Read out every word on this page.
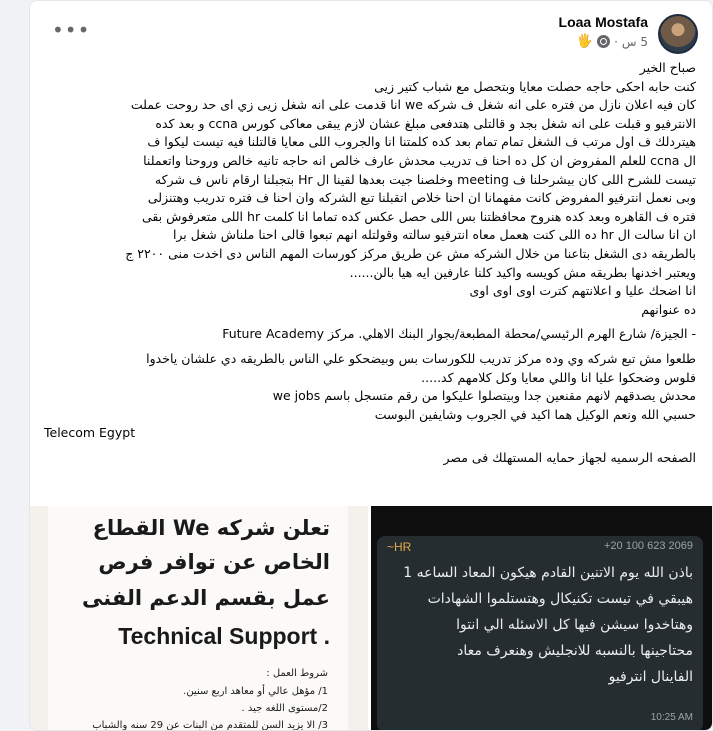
Loaa Mostafa
5 س
·
🖐
•••

صباح الخير

كنت حابه احكى حاجه حصلت معايا وبتحصل مع شباب كتير زيى

كان فيه اعلان نازل من فتره على انه شغل ف شركه we انا قدمت على انه شغل زيى زي اى حد روحت عملت

الانترفيو و قبلت على انه شغل بجد و قالتلى هتدفعى مبلغ عشان لازم يبقى معاكى كورس ccna و بعد كده

هيتردلك ف اول مرتب ف الشغل تمام تمام بعد كده كلمتنا انا والجروب اللى معايا قالتلنا فيه تيست ليكوا ف

ال ccna للعلم المفروض ان كل ده احنا ف تدريب محدش عارف خالص انه حاجه تانيه خالص وروحنا واتعملنا

تيست للشرح اللى كان بيشرحلنا ف meeting وخلصنا جيت بعدها لقينا ال Hr بتجبلنا ارقام ناس ف شركه

وبى نعمل انترفيو المفروض كانت مفهمانا ان احنا خلاص اتقبلنا تبع الشركه وان احنا ف فتره تدريب وهتنزلى

فتره ف القاهره وبعد كده هنروح محافظتنا بس اللى حصل عكس كده تماما انا كلمت hr اللى متعرفوش بقى

ان انا سالت ال hr ده اللى كنت هعمل معاه انترفيو سالته وقولتله انهم تبعوا قالى احنا ملناش شغل برا

بالطريقه دى الشغل بتاعنا من خلال الشركه مش عن طريق مركز كورسات المهم الناس دى اخدت منى ٢٢٠٠ ج

ويعتبر اخدنها بطريقه مش كويسه واكيد كلنا عارفين ايه هيا بالن......

انا اضحك عليا و اعلانتهم كترت اوى اوى اوى

ده عنوانهم

- الجيزة/ شارع الهرم الرئيسي/محطة المطبعة/بجوار البنك الاهلي. مركز Future Academy

طلعوا مش تبع شركه وي وده مركز تدريب للكورسات بس وبيضحكو علي الناس بالطريقه دي علشان ياخدوا

فلوس وضحكوا عليا انا واللي معايا وكل كلامهم كد.....

محدش يصدقهم لانهم مقنعين جدا وبيتصلوا عليكوا من رقم متسجل باسم we jobs

حسبي الله ونعم الوكيل هما اكيد في الجروب وشايفين البوست

Telecom Egypt

الصفحه الرسميه لجهاز حمايه المستهلك فى مصر

تعلن شركه We القطاع
الخاص عن توافر فرص
عمل بقسم الدعم الفنى
. Technical Support
شروط العمل :
1/ مؤهل عالي أو معاهد اربع سنين.
2/مستوى اللغه جيد .
3/ الا يزيد السن للمتقدم من البنات عن 29 سنه والشباب
~HR	+20 100 623 2069
باذن الله يوم الاتنين القادم هيكون المعاد الساعه 1
هيبقي في تيست تكنيكال وهتستلموا الشهادات
وهتاخدوا سيشن فيها كل الاسئله الي انتوا
محتاجينها بالنسبه للانجليش وهنعرف معاد
الفاينال انترفيو
10:25 AM
